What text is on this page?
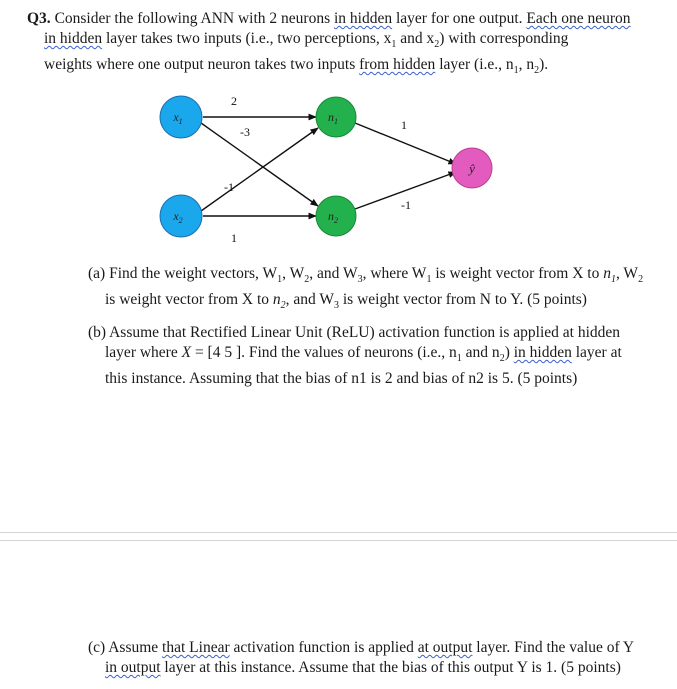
Q3. Consider the following ANN with 2 neurons in hidden layer for one output. Each one neuron
in hidden layer takes two inputs (i.e., two perceptions, $x_1$ and $x_2$) with corresponding
weights where one output neuron takes two inputs from hidden layer (i.e., $n_1$, $n_2$).

2
-3
-1
1
1
-1
$x_1$
$x_2$
$n_1$
$n_2$
ŷ

(a) Find the weight vectors, $W_1$, $W_2$, and $W_3$, where $W_1$ is weight vector from X to $n_1$, $W_2$
is weight vector from X to $n_2$, and $W_3$ is weight vector from N to Y. (5 points)

(b) Assume that Rectified Linear Unit (ReLU) activation function is applied at hidden
layer where X = [4 5 ]. Find the values of neurons (i.e., $n_1$ and $n_2$) in hidden layer at
this instance. Assuming that the bias of n1 is 2 and bias of n2 is 5. (5 points)

(c) Assume that Linear activation function is applied at output layer. Find the value of Y
in output layer at this instance. Assume that the bias of this output Y is 1. (5 points)
